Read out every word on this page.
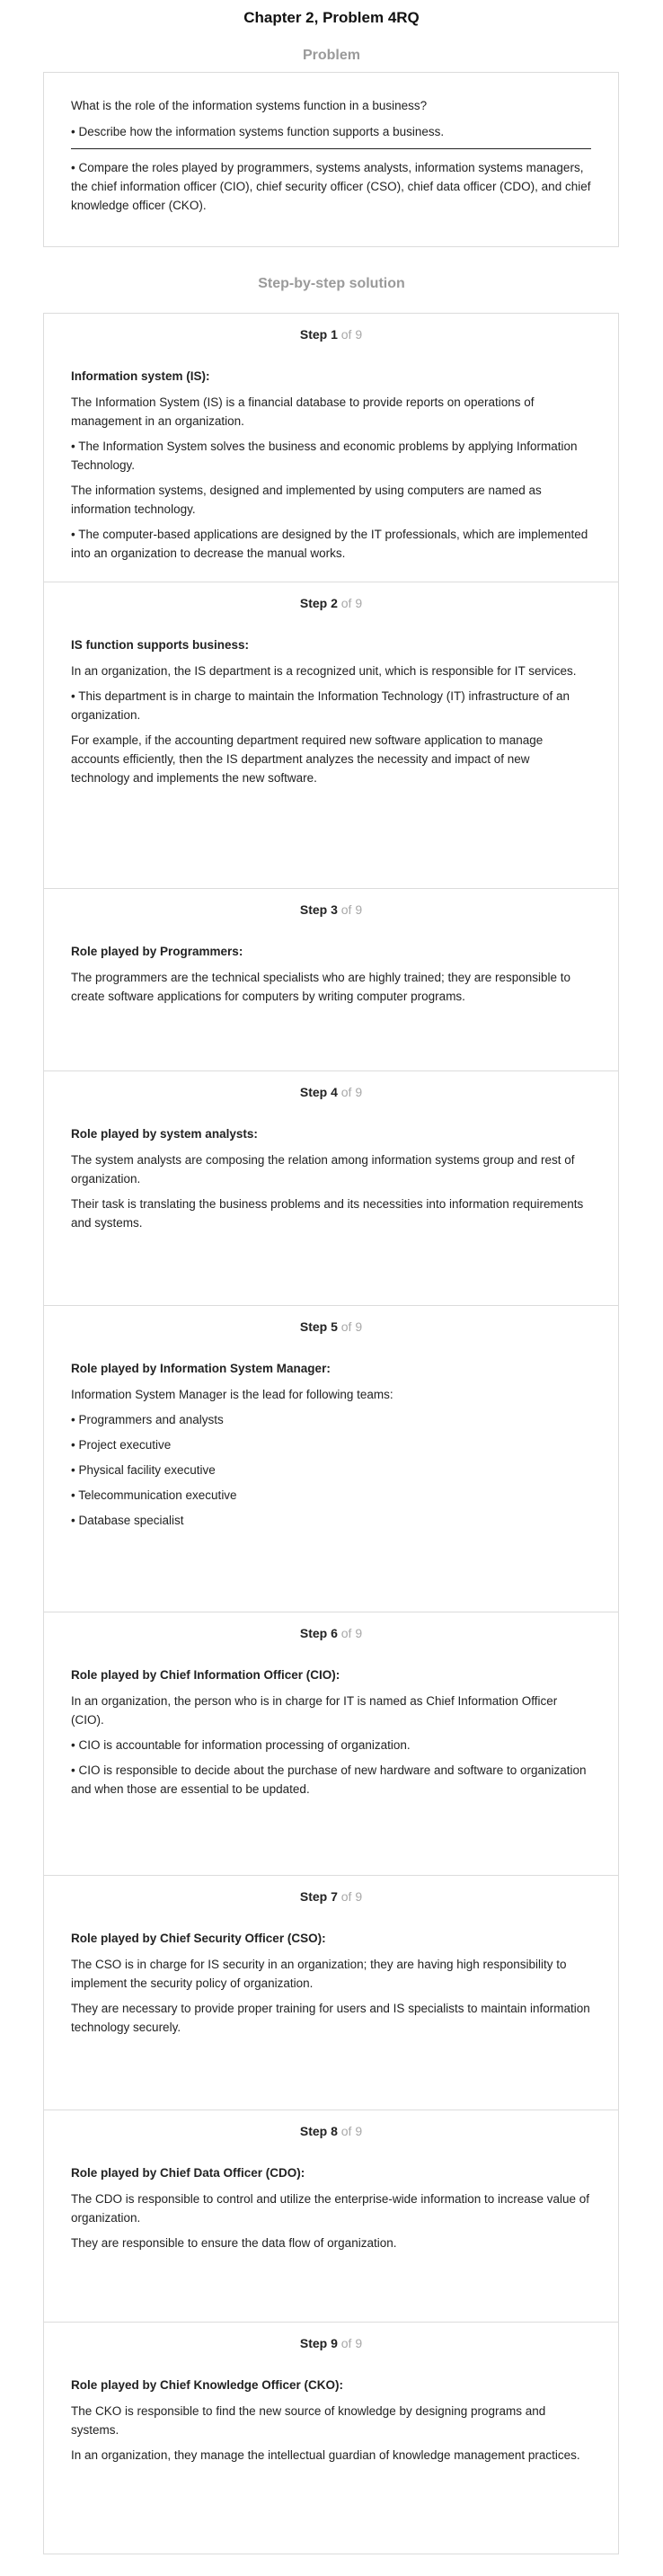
Chapter 2, Problem 4RQ
Problem

What is the role of the information systems function in a business?

• Describe how the information systems function supports a business.

• Compare the roles played by programmers, systems analysts, information systems managers, the chief information officer (CIO), chief security officer (CSO), chief data officer (CDO), and chief knowledge officer (CKO).

Step-by-step solution
Step 1 of 9
Information system (IS):

The Information System (IS) is a financial database to provide reports on operations of management in an organization.

• The Information System solves the business and economic problems by applying Information Technology.

The information systems, designed and implemented by using computers are named as information technology.

• The computer-based applications are designed by the IT professionals, which are implemented into an organization to decrease the manual works.

Step 2 of 9
IS function supports business:

In an organization, the IS department is a recognized unit, which is responsible for IT services.

• This department is in charge to maintain the Information Technology (IT) infrastructure of an organization.

For example, if the accounting department required new software application to manage accounts efficiently, then the IS department analyzes the necessity and impact of new technology and implements the new software.

Step 3 of 9
Role played by Programmers:

The programmers are the technical specialists who are highly trained; they are responsible to create software applications for computers by writing computer programs.

Step 4 of 9
Role played by system analysts:

The system analysts are composing the relation among information systems group and rest of organization.

Their task is translating the business problems and its necessities into information requirements and systems.

Step 5 of 9
Role played by Information System Manager:

Information System Manager is the lead for following teams:

• Programmers and analysts

• Project executive

• Physical facility executive

• Telecommunication executive

• Database specialist

Step 6 of 9
Role played by Chief Information Officer (CIO):

In an organization, the person who is in charge for IT is named as Chief Information Officer (CIO).

• CIO is accountable for information processing of organization.

• CIO is responsible to decide about the purchase of new hardware and software to organization and when those are essential to be updated.

Step 7 of 9
Role played by Chief Security Officer (CSO):

The CSO is in charge for IS security in an organization; they are having high responsibility to implement the security policy of organization.

They are necessary to provide proper training for users and IS specialists to maintain information technology securely.

Step 8 of 9
Role played by Chief Data Officer (CDO):

The CDO is responsible to control and utilize the enterprise-wide information to increase value of organization.

They are responsible to ensure the data flow of organization.

Step 9 of 9
Role played by Chief Knowledge Officer (CKO):

The CKO is responsible to find the new source of knowledge by designing programs and systems.

In an organization, they manage the intellectual guardian of knowledge management practices.
